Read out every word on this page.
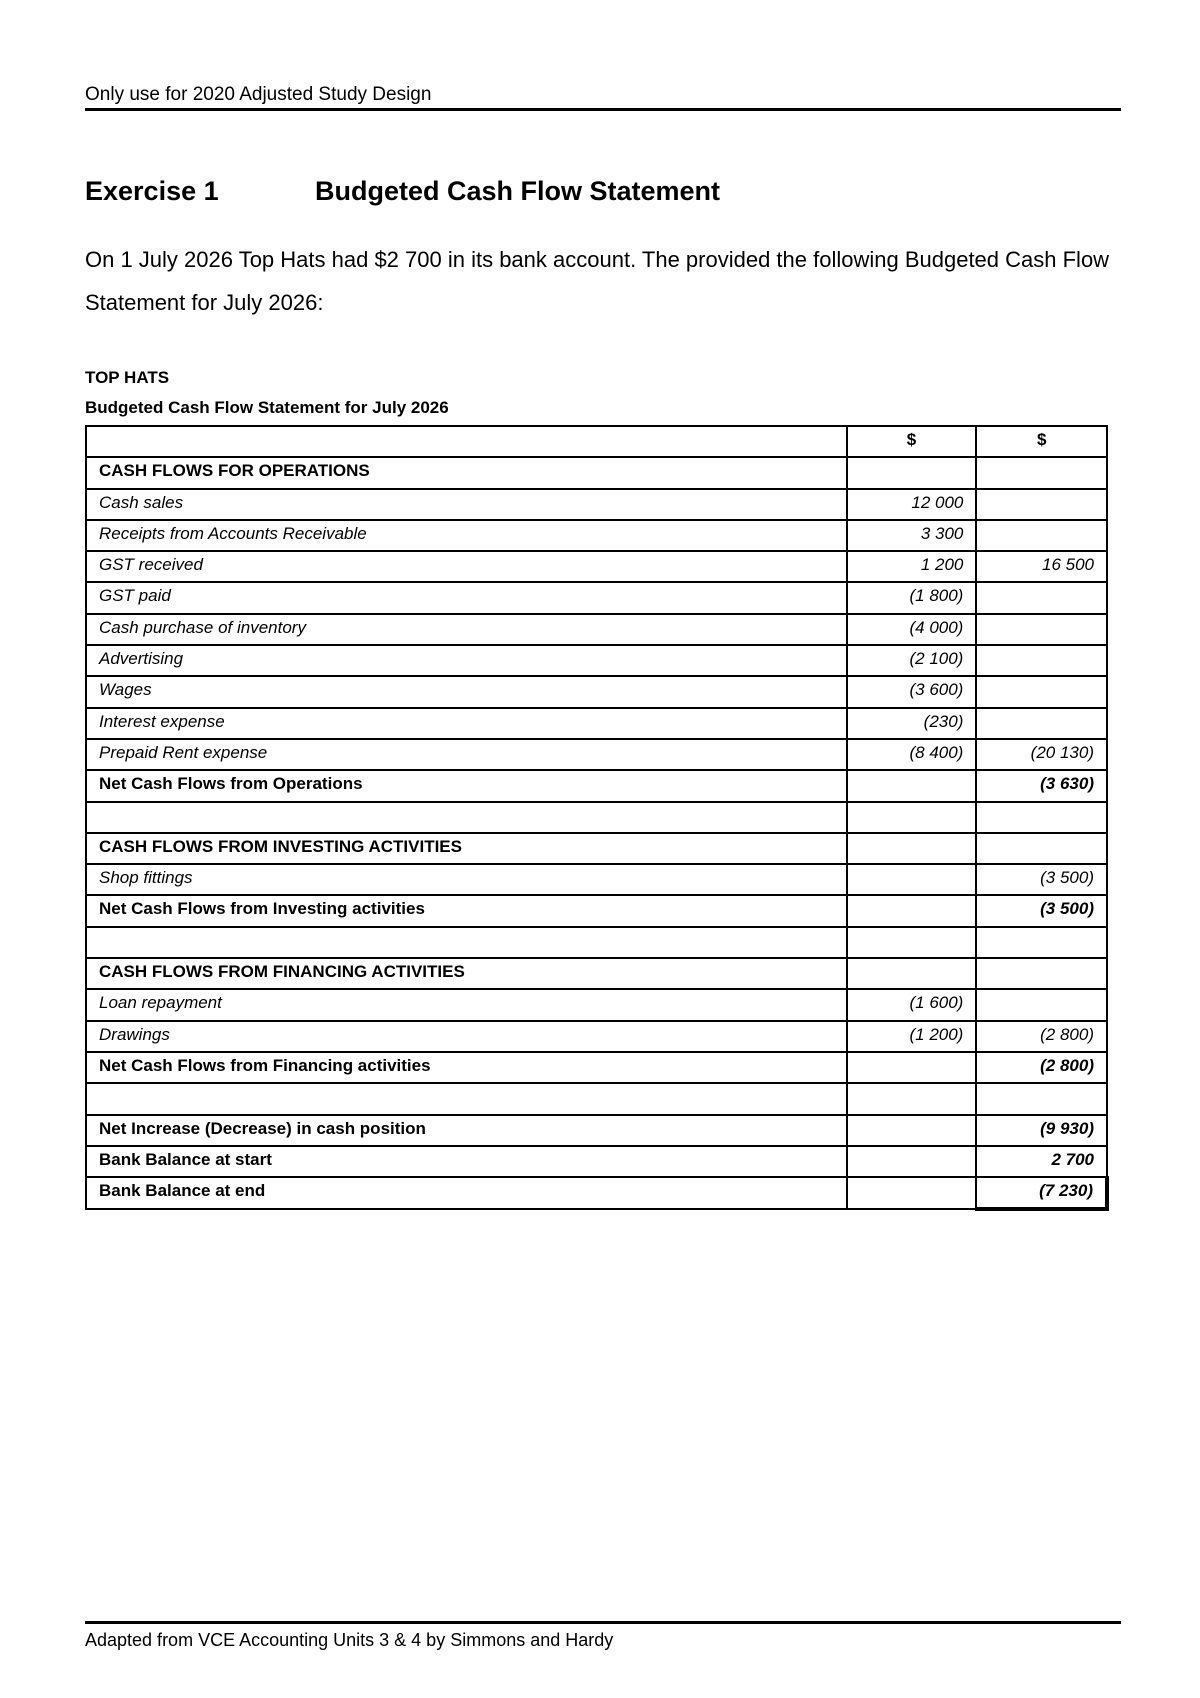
Only use for 2020 Adjusted Study Design
Exercise 1	Budgeted Cash Flow Statement
On 1 July 2026 Top Hats had $2 700 in its bank account. The provided the following Budgeted Cash Flow Statement for July 2026:
TOP HATS
Budgeted Cash Flow Statement for July 2026
	$	$
CASH FLOWS FOR OPERATIONS		
Cash sales	12 000	
Receipts from Accounts Receivable	3 300	
GST received	1 200	16 500
GST paid	(1 800)	
Cash purchase of inventory	(4 000)	
Advertising	(2 100)	
Wages	(3 600)	
Interest expense	(230)	
Prepaid Rent expense	(8 400)	(20 130)
Net Cash Flows from Operations		(3 630)

CASH FLOWS FROM INVESTING ACTIVITIES		
Shop fittings		(3 500)
Net Cash Flows from Investing activities		(3 500)

CASH FLOWS FROM FINANCING ACTIVITIES		
Loan repayment	(1 600)	
Drawings	(1 200)	(2 800)
Net Cash Flows from Financing activities		(2 800)

Net Increase (Decrease) in cash position		(9 930)
Bank Balance at start		2 700
Bank Balance at end		(7 230)
Adapted from VCE Accounting Units 3 & 4 by Simmons and Hardy
